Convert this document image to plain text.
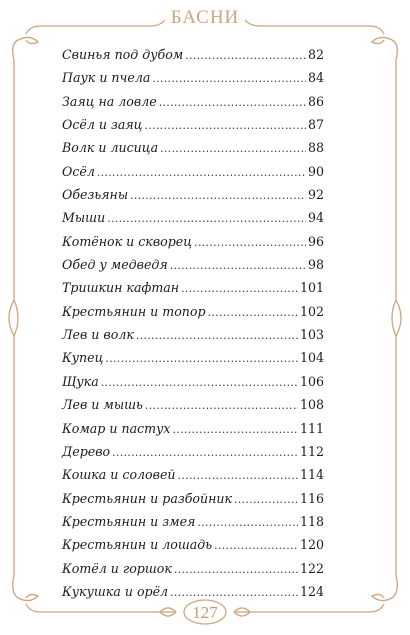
БАСНИ
Свинья под дубом . . .	82
Паук и пчела . . .	84
Заяц на ловле . . .	86
Осёл и заяц . . .	87
Волк и лисица . . .	88
Осёл . . .	90
Обезьяны . . .	92
Мыши . . .	94
Котёнок и скворец . . .	96
Обед у медведя . . .	98
Тришкин кафтан . . .	101
Крестьянин и топор . . .	102
Лев и волк . . .	103
Купец . . .	104
Щука . . .	106
Лев и мышь . . .	108
Комар и пастух . . .	111
Дерево . . .	112
Кошка и соловей . . .	114
Крестьянин и разбойник . . .	116
Крестьянин и змея . . .	118
Крестьянин и лошадь . . .	120
Котёл и горшок . . .	122
Кукушка и орёл . . .	124
127
